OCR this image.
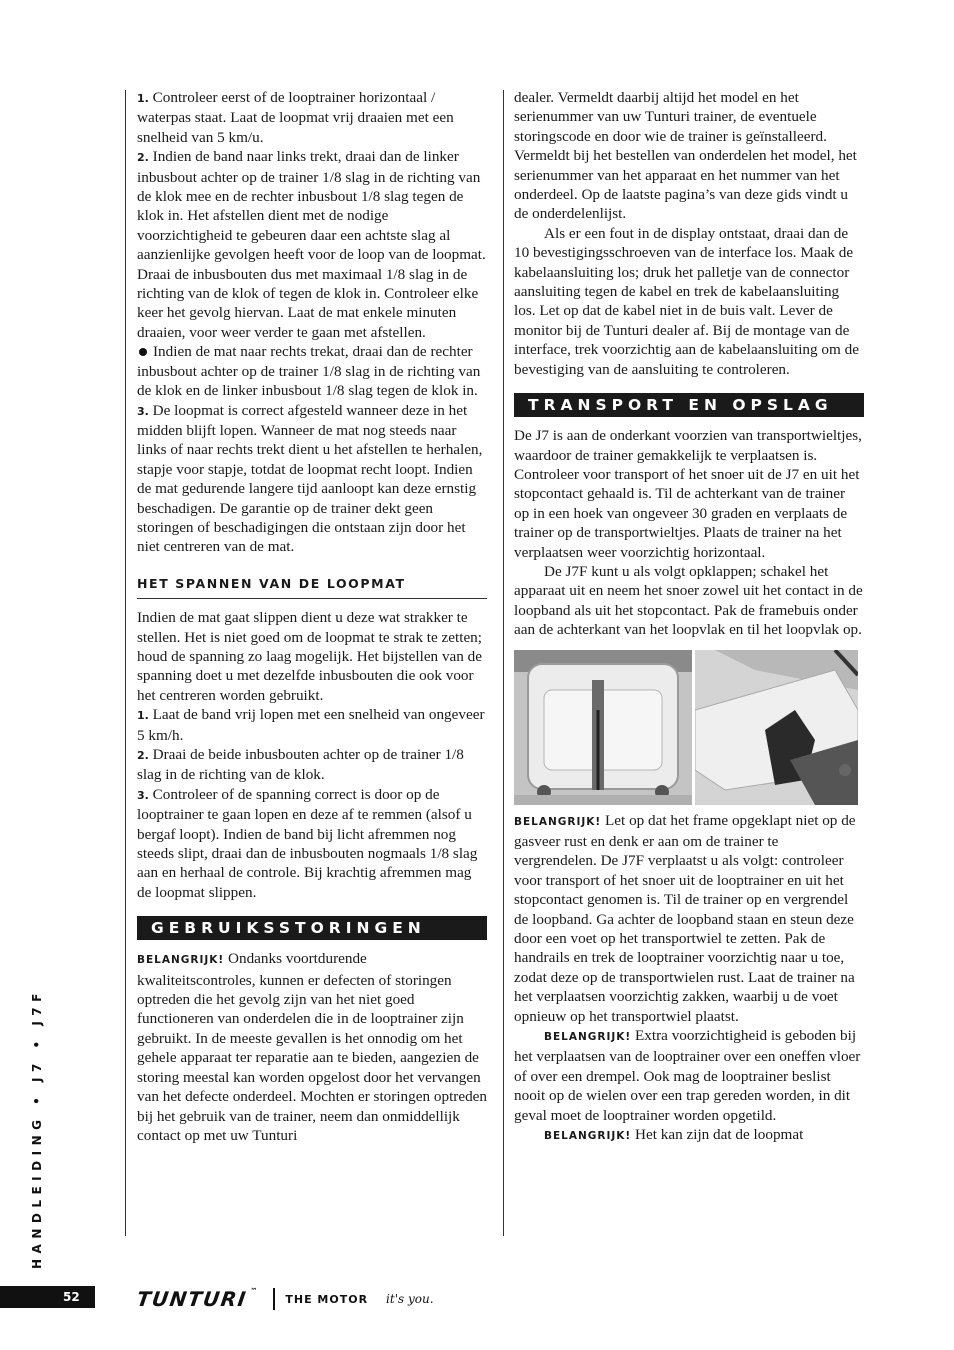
1. Controleer eerst of de looptrainer horizontaal / waterpas staat. Laat de loopmat vrij draaien met een snelheid van 5 km/u.

2. Indien de band naar links trekt, draai dan de linker inbusbout achter op de trainer 1/8 slag in de richting van de klok mee en de rechter inbusbout 1/8 slag tegen de klok in. Het afstellen dient met de nodige voorzichtigheid te gebeuren daar een achtste slag al aanzienlijke gevolgen heeft voor de loop van de loopmat. Draai de inbusbouten dus met maximaal 1/8 slag in de richting van de klok of tegen de klok in. Controleer elke keer het gevolg hiervan. Laat de mat enkele minuten draaien, voor weer verder te gaan met afstellen.

Indien de mat naar rechts trekat, draai dan de rechter inbusbout achter op de trainer 1/8 slag in de richting van de klok en de linker inbusbout 1/8 slag tegen de klok in.

3. De loopmat is correct afgesteld wanneer deze in het midden blijft lopen. Wanneer de mat nog steeds naar links of naar rechts trekt dient u het afstellen te herhalen, stapje voor stapje, totdat de loopmat recht loopt. Indien de mat gedurende langere tijd aanloopt kan deze ernstig beschadigen. De garantie op de trainer dekt geen storingen of beschadigingen die ontstaan zijn door het niet centreren van de mat.

HET SPANNEN VAN DE LOOPMAT

Indien de mat gaat slippen dient u deze wat strakker te stellen. Het is niet goed om de loopmat te strak te zetten; houd de spanning zo laag mogelijk. Het bijstellen van de spanning doet u met dezelfde inbusbouten die ook voor het centreren worden gebruikt.

1. Laat de band vrij lopen met een snelheid van ongeveer 5 km/h.

2. Draai de beide inbusbouten achter op de trainer 1/8 slag in de richting van de klok.

3. Controleer of de spanning correct is door op de looptrainer te gaan lopen en deze af te remmen (alsof u bergaf loopt). Indien de band bij licht afremmen nog steeds slipt, draai dan de inbusbouten nogmaals 1/8 slag aan en herhaal de controle. Bij krachtig afremmen mag de loopmat slippen.

GEBRUIKSSTORINGEN

BELANGRIJK! Ondanks voortdurende kwaliteitscontroles, kunnen er defecten of storingen optreden die het gevolg zijn van het niet goed functioneren van onderdelen die in de looptrainer zijn gebruikt. In de meeste gevallen is het onnodig om het gehele apparaat ter reparatie aan te bieden, aangezien de storing meestal kan worden opgelost door het vervangen van het defecte onderdeel. Mochten er storingen optreden bij het gebruik van de trainer, neem dan onmiddellijk contact op met uw Tunturi

dealer. Vermeldt daarbij altijd het model en het serienummer van uw Tunturi trainer, de eventuele storingscode en door wie de trainer is geïnstalleerd. Vermeldt bij het bestellen van onderdelen het model, het serienummer van het apparaat en het nummer van het onderdeel. Op de laatste pagina’s van deze gids vindt u de onderdelenlijst.

Als er een fout in de display ontstaat, draai dan de 10 bevestigingsschroeven van de interface los. Maak de kabelaansluiting los; druk het palletje van de connector aansluiting tegen de kabel en trek de kabelaansluiting los. Let op dat de kabel niet in de buis valt. Lever de monitor bij de Tunturi dealer af. Bij de montage van de interface, trek voorzichtig aan de kabelaansluiting om de bevestiging van de aansluiting te controleren.

TRANSPORT EN OPSLAG

De J7 is aan de onderkant voorzien van transportwieltjes, waardoor de trainer gemakkelijk te verplaatsen is. Controleer voor transport of het snoer uit de J7 en uit het stopcontact gehaald is. Til de achterkant van de trainer op in een hoek van ongeveer 30 graden en verplaats de trainer op de transportwieltjes. Plaats de trainer na het verplaatsen weer voorzichtig horizontaal.

De J7F kunt u als volgt opklappen; schakel het apparaat uit en neem het snoer zowel uit het contact in de loopband als uit het stopcontact. Pak de framebuis onder aan de achterkant van het loopvlak en til het loopvlak op.

BELANGRIJK! Let op dat het frame opgeklapt niet op de gasveer rust en denk er aan om de trainer te vergrendelen. De J7F verplaatst u als volgt: controleer voor transport of het snoer uit de looptrainer en uit het stopcontact genomen is. Til de trainer op en vergrendel de loopband. Ga achter de loopband staan en steun deze door een voet op het transportwiel te zetten. Pak de handrails en trek de looptrainer voorzichtig naar u toe, zodat deze op de transportwielen rust. Laat de trainer na het verplaatsen voorzichtig zakken, waarbij u de voet opnieuw op het transportwiel plaatst.

BELANGRIJK! Extra voorzichtigheid is geboden bij het verplaatsen van de looptrainer over een oneffen vloer of over een drempel. Ook mag de looptrainer beslist nooit op de wielen over een trap gereden worden, in dit geval moet de looptrainer worden opgetild.

BELANGRIJK! Het kan zijn dat de loopmat

HANDLEIDING • J7 • J7F
52	TUNTURI™
THE MOTOR it's you.
